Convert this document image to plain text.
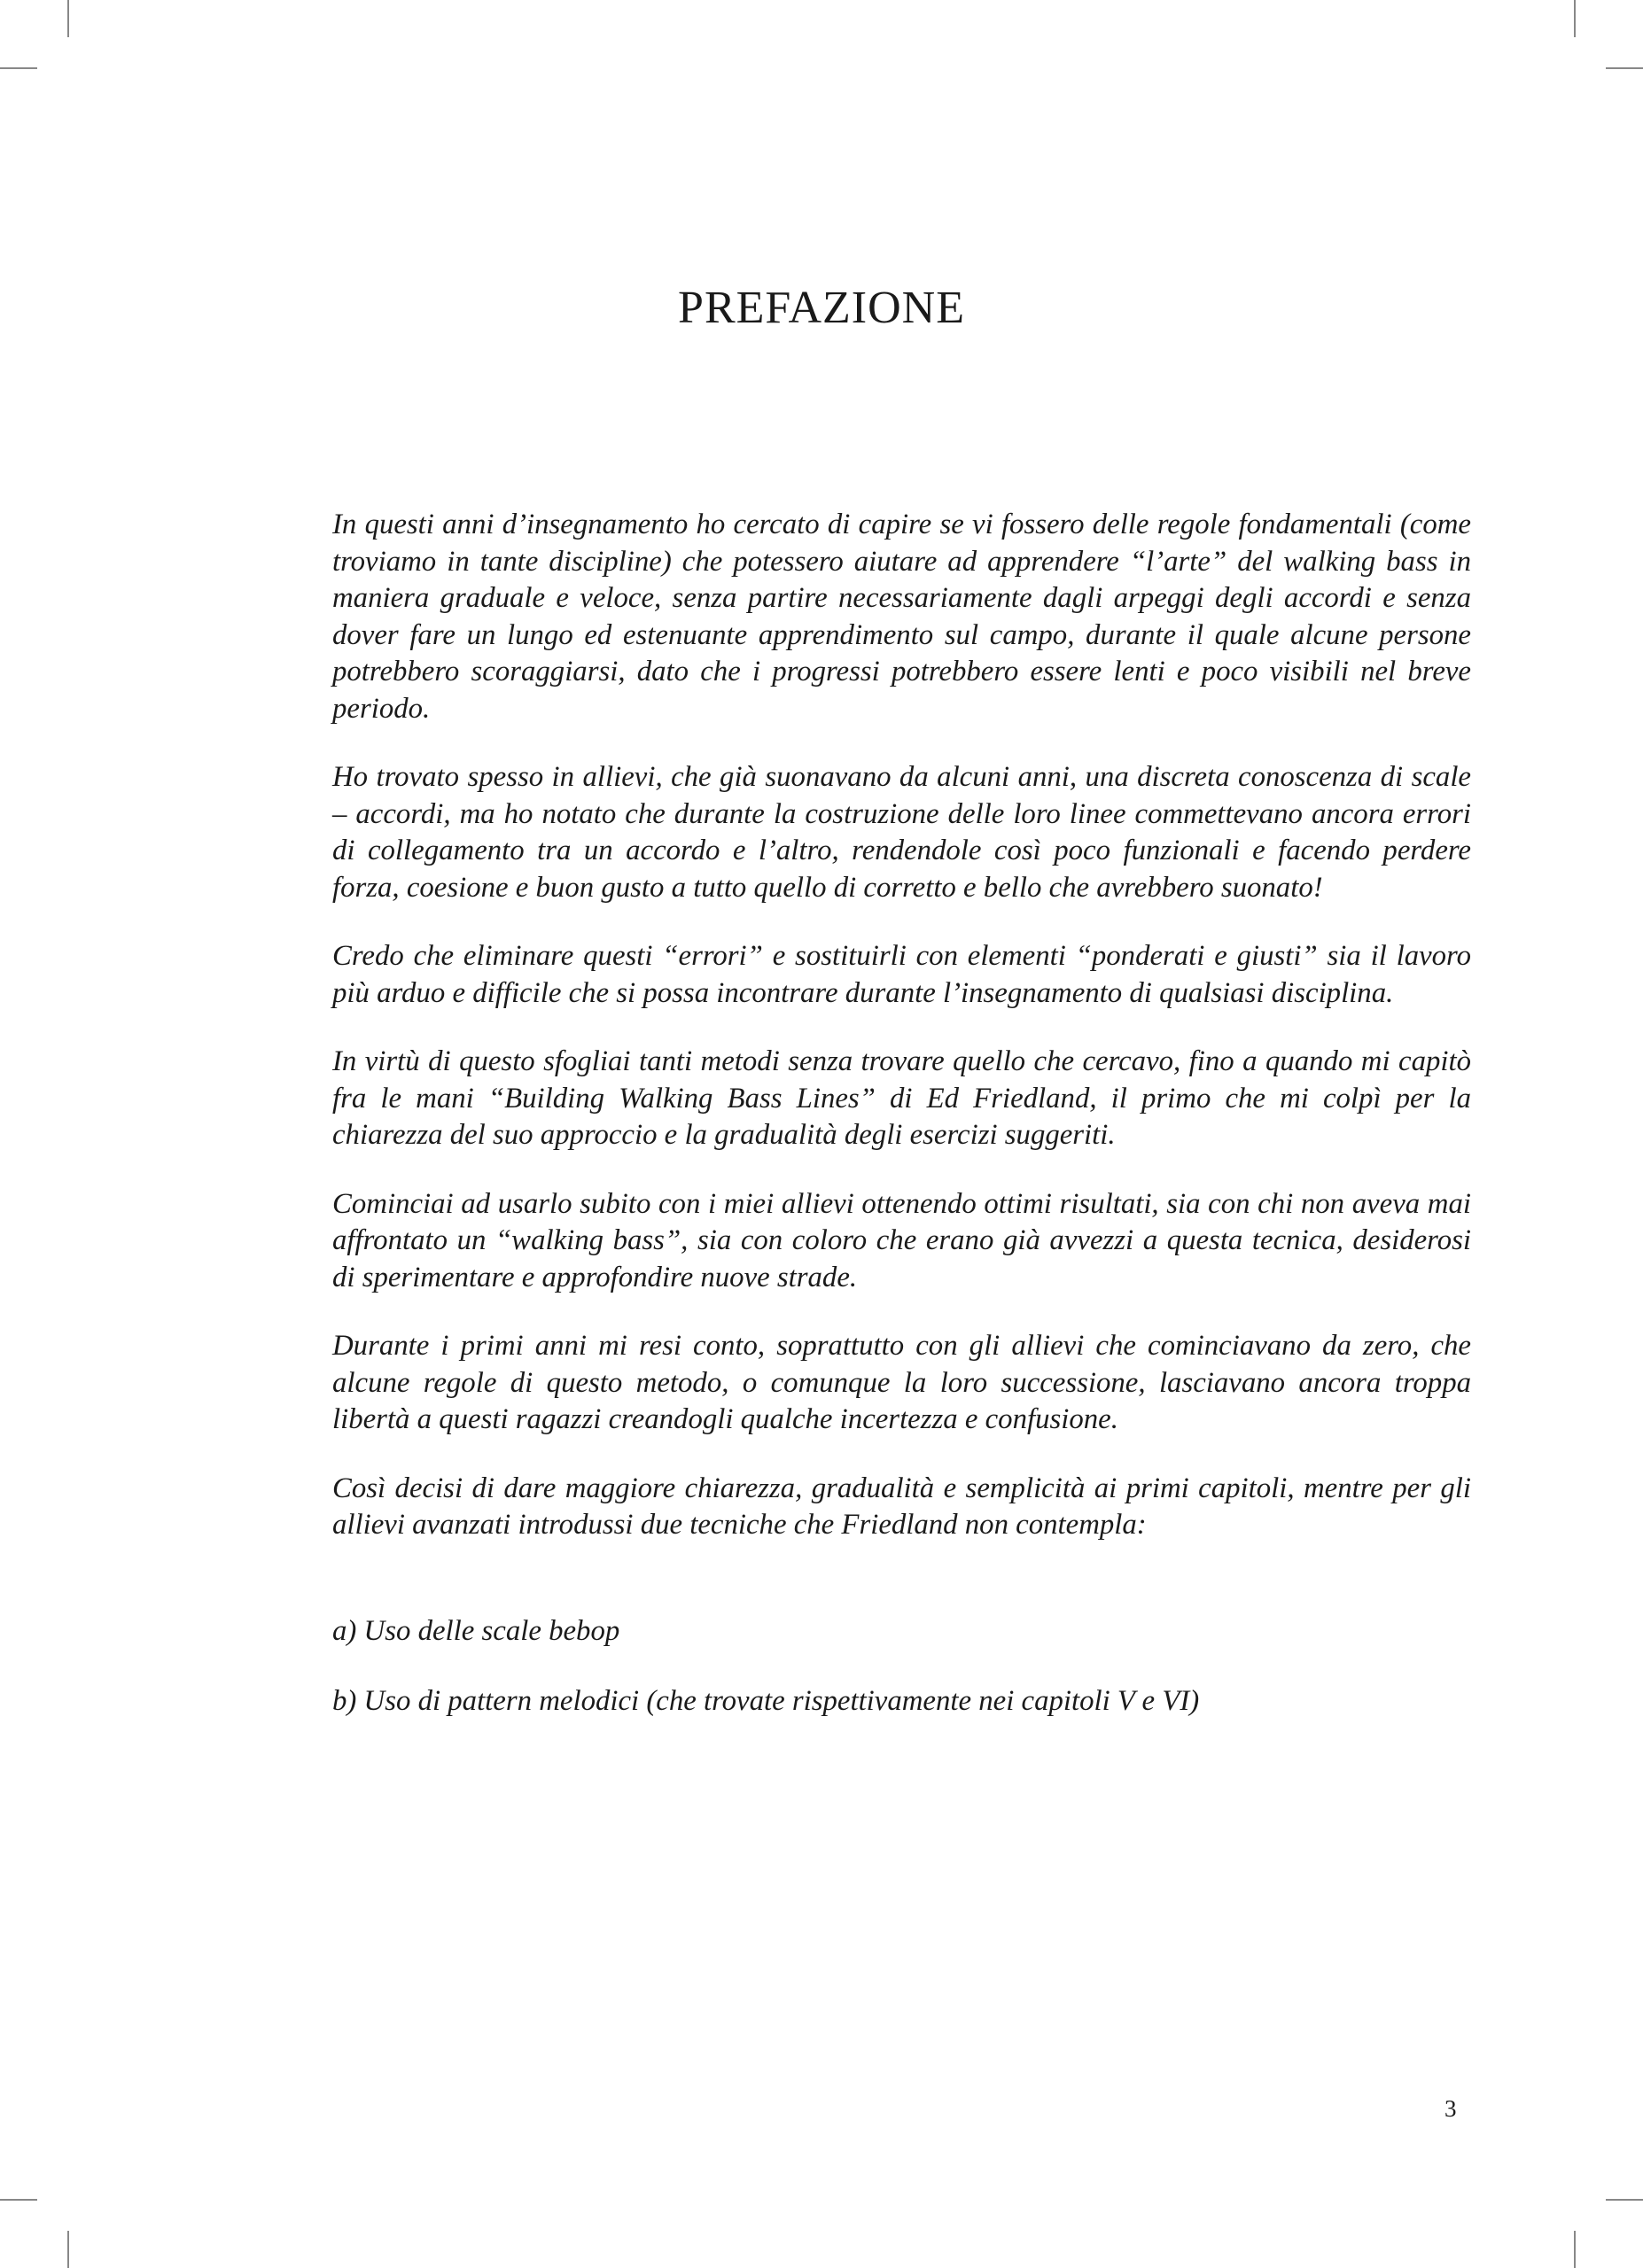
PREFAZIONE

In questi anni d’insegnamento ho cercato di capire se vi fossero delle regole fondamentali (come troviamo in tante discipline) che potessero aiutare ad apprendere “l’arte” del walking bass in maniera graduale e veloce, senza partire necessariamente dagli arpeggi degli accordi e senza dover fare un lungo ed estenuante apprendimento sul campo, durante il quale alcune persone potrebbero scoraggiarsi, dato che i progressi potrebbero essere lenti e poco visibili nel breve periodo.

Ho trovato spesso in allievi, che già suonavano da alcuni anni, una discreta conoscenza di scale – accordi, ma ho notato che durante la costruzione delle loro linee commettevano ancora errori di collegamento tra un accordo e l’altro, rendendole così poco funzionali e facendo perdere forza, coesione e buon gusto a tutto quello di corretto e bello che avrebbero suonato!

Credo che eliminare questi “errori” e sostituirli con elementi “ponderati e giusti” sia il lavoro più arduo e difficile che si possa incontrare durante l’insegnamento di qualsiasi disciplina.

In virtù di questo sfogliai tanti metodi senza trovare quello che cercavo, fino a quando mi capitò fra le mani “Building Walking Bass Lines” di Ed Friedland, il primo che mi colpì per la chiarezza del suo approccio e la gradualità degli esercizi suggeriti.

Cominciai ad usarlo subito con i miei allievi ottenendo ottimi risultati, sia con chi non aveva mai affrontato un “walking bass”, sia con coloro che erano già avvezzi a questa tecnica, desiderosi di sperimentare e approfondire nuove strade.

Durante i primi anni mi resi conto, soprattutto con gli allievi che cominciavano da zero, che alcune regole di questo metodo, o comunque la loro successione, lasciavano ancora troppa libertà a questi ragazzi creandogli qualche incertezza e confusione.

Così decisi di dare maggiore chiarezza, gradualità e semplicità ai primi capitoli, mentre per gli allievi avanzati introdussi due tecniche che Friedland non contempla:

a) Uso delle scale bebop

b) Uso di pattern melodici (che trovate rispettivamente nei capitoli V e VI)

3
